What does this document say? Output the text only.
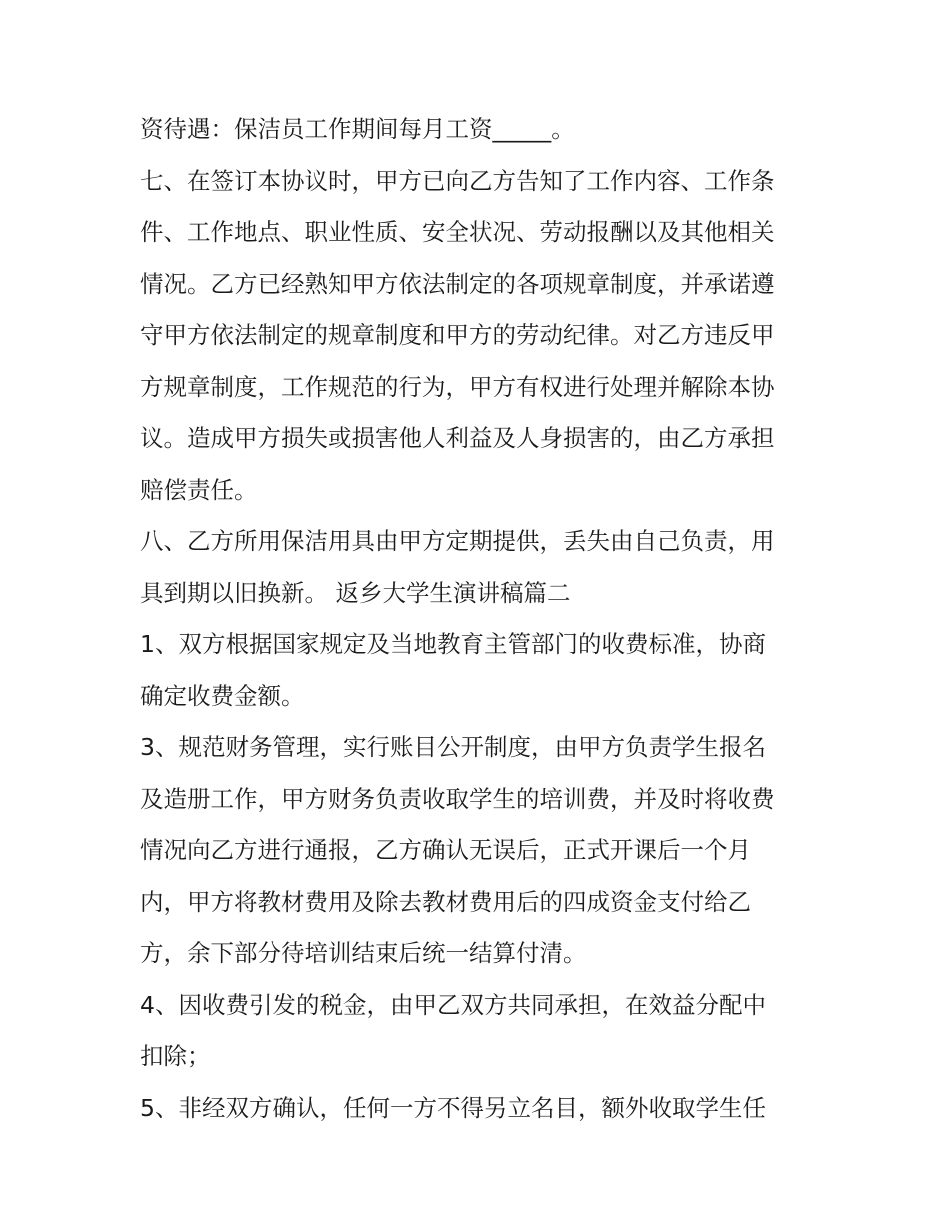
资待遇：保洁员工作期间每月工资_____。
七、在签订本协议时，甲方已向乙方告知了工作内容、工作条
件、工作地点、职业性质、安全状况、劳动报酬以及其他相关
情况。乙方已经熟知甲方依法制定的各项规章制度，并承诺遵
守甲方依法制定的规章制度和甲方的劳动纪律。对乙方违反甲
方规章制度，工作规范的行为，甲方有权进行处理并解除本协
议。造成甲方损失或损害他人利益及人身损害的，由乙方承担
赔偿责任。
八、乙方所用保洁用具由甲方定期提供，丢失由自己负责，用
具到期以旧换新。 返乡大学生演讲稿篇二
1、双方根据国家规定及当地教育主管部门的收费标准，协商
确定收费金额。
3、规范财务管理，实行账目公开制度，由甲方负责学生报名
及造册工作，甲方财务负责收取学生的培训费，并及时将收费
情况向乙方进行通报，乙方确认无误后，正式开课后一个月
内，甲方将教材费用及除去教材费用后的四成资金支付给乙
方，余下部分待培训结束后统一结算付清。
4、因收费引发的税金，由甲乙双方共同承担，在效益分配中
扣除；
5、非经双方确认，任何一方不得另立名目，额外收取学生任
